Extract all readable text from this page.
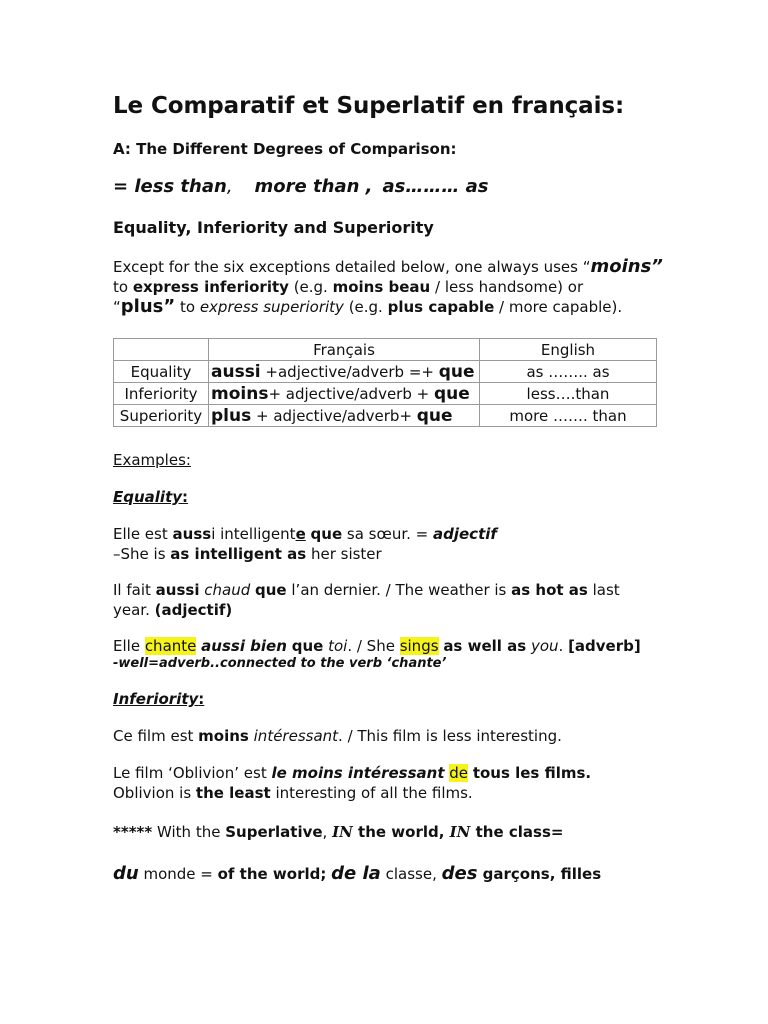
Le Comparatif et Superlatif en français:
A: The Different Degrees of Comparison:
= less than, more than , as……… as
Equality, Inferiority and Superiority
Except for the six exceptions detailed below, one always uses “moins”
to express inferiority (e.g. moins beau / less handsome) or
“plus” to express superiority (e.g. plus capable / more capable).
	Français	English
Equality	aussi +adjective/adverb =+ que	as …….. as
Inferiority	moins+ adjective/adverb + que	less….than
Superiority	plus + adjective/adverb+ que	more ……. than
Examples:
Equality:
Elle est aussi intelligente que sa sœur. = adjectif
–She is as intelligent as her sister
Il fait aussi chaud que l’an dernier. / The weather is as hot as last
year. (adjectif)
Elle chante aussi bien que toi. / She sings as well as you. [adverb]
-well=adverb..connected to the verb ‘chante’
Inferiority:
Ce film est moins intéressant. / This film is less interesting.
Le film ‘Oblivion’ est le moins intéressant de tous les films.
Oblivion is the least interesting of all the films.
***** With the Superlative, IN the world, IN the class=
du monde = of the world; de la classe, des garçons, filles
